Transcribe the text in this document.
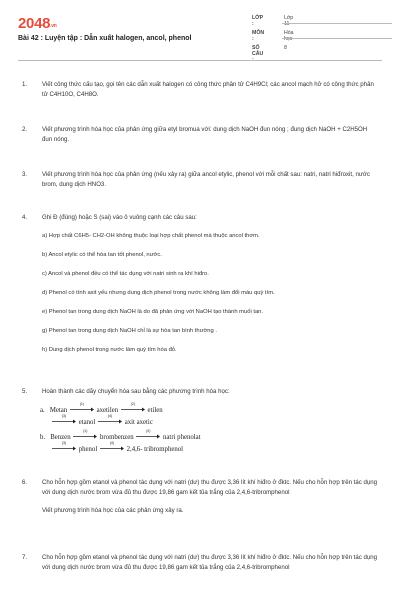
$2048^{.vn}$
Bài 42 : Luyện tập : Dẫn xuất halogen, ancol, phenol
LỚP :
Lớp 11
MÔN :
Hóa học
SỐ CÂU :
8
1. Viết công thức cấu tạo, gọi tên các dẫn xuất halogen có công thức phân tử C4H9Cl; các ancol mạch hở có công thức phân tử C4H10O, C4H8O.
2. Viết phương trình hóa học của phản ứng giữa etyl bromua với: dung dịch NaOH đun nóng ; đung dịch NaOH + C2H5OH đun nóng.
3. Viết phương trình hóa học của phản ứng (nếu xảy ra) giữa ancol etylic, phenol với mỗi chất sau: natri, natri hiđroxit, nước brom, dung dịch HNO3.
4. Ghi Đ (đúng) hoặc S (sai) vào ô vuông cạnh các câu sau:
a) Hợp chất C6H5- CH2-OH không thuộc loại hợp chất phenol mà thuộc ancol thơm.
b) Ancol etylic có thể hòa tan tốt phenol, nước.
c) Ancol và phenol đều có thể tác dụng với natri sinh ra khí hiđro.
d) Phenol có tính axit yếu nhưng dung dịch phenol trong nước không làm đổi màu quỳ tím.
e) Phenol tan trong dung dịch NaOH là do đã phản ứng với NaOH tạo thành muối tan.
g) Phenol tan trong dung dịch NaOH chỉ là sự hòa tan bình thường .
h) Dung dịch phenol trong nước làm quỳ tím hóa đỏ.
5. Hoàn thành các dãy chuyển hóa sau bằng các phương trình hóa học:
a. Metan
(1)
axetilen
(2)
etilen
(3)
etanol
(4)
axit axetic
b. Benzen
(1)
brombenzen
(2)
natri phenolat
(3)
phenol
(4)
2,4,6- tribromphenol
6. Cho hỗn hợp gồm etanol và phenol tác dụng với natri (dư) thu được 3,36 lít khí hiđro ở đktc. Nếu cho hỗn hợp trên tác dụng với dung dịch nước brom vừa đủ thu được 19,86 gam kết tủa trắng của 2,4,6-tribromphenol
Viết phương trình hóa học của các phản ứng xảy ra.
7. Cho hỗn hợp gồm etanol và phenol tác dụng với natri (dư) thu được 3,36 lít khí hiđro ở đktc. Nếu cho hỗn hợp trên tác dụng với dung dịch nước brom vừa đủ thu được 19,86 gam kết tủa trắng của 2,4,6-tribromphenol
